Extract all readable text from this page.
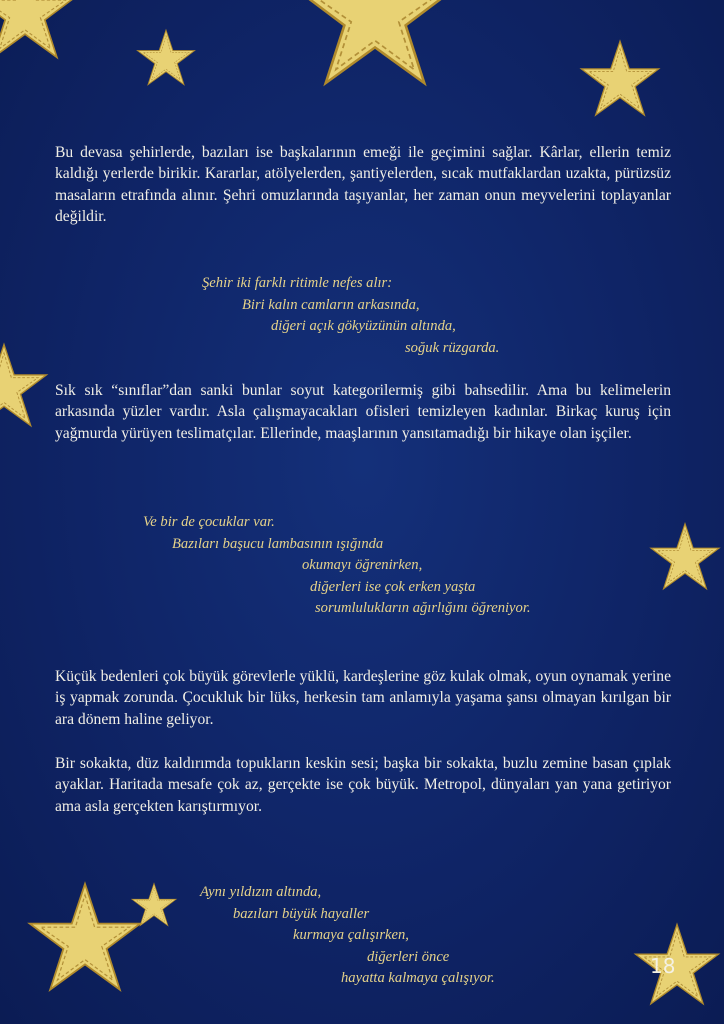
Bu devasa şehirlerde, bazıları ise başkalarının emeği ile geçimini sağlar. Kârlar, ellerin temiz kaldığı yerlerde birikir. Kararlar, atölyelerden, şantiyelerden, sıcak mutfaklardan uzakta, pürüzsüz masaların etrafında alınır. Şehri omuzlarında taşıyanlar, her zaman onun meyvelerini toplayanlar değildir.

Şehir iki farklı ritimle nefes alır:
Biri kalın camların arkasında,
diğeri açık gökyüzünün altında,
soğuk rüzgarda.

Sık sık “sınıflar”dan sanki bunlar soyut kategorilermiş gibi bahsedilir. Ama bu kelimelerin arkasında yüzler vardır. Asla çalışmayacakları ofisleri temizleyen kadınlar. Birkaç kuruş için yağmurda yürüyen teslimatçılar. Ellerinde, maaşlarının yansıtamadığı bir hikaye olan işçiler.

Ve bir de çocuklar var.
Bazıları başucu lambasının ışığında
okumayı öğrenirken,
diğerleri ise çok erken yaşta
sorumlulukların ağırlığını öğreniyor.

Küçük bedenleri çok büyük görevlerle yüklü, kardeşlerine göz kulak olmak, oyun oynamak yerine iş yapmak zorunda. Çocukluk bir lüks, herkesin tam anlamıyla yaşama şansı olmayan kırılgan bir ara dönem haline geliyor.

Bir sokakta, düz kaldırımda topukların keskin sesi; başka bir sokakta, buzlu zemine basan çıplak ayaklar. Haritada mesafe çok az, gerçekte ise çok büyük. Metropol, dünyaları yan yana getiriyor ama asla gerçekten karıştırmıyor.

Aynı yıldızın altında,
bazıları büyük hayaller
kurmaya çalışırken,
diğerleri önce
hayatta kalmaya çalışıyor.
18
